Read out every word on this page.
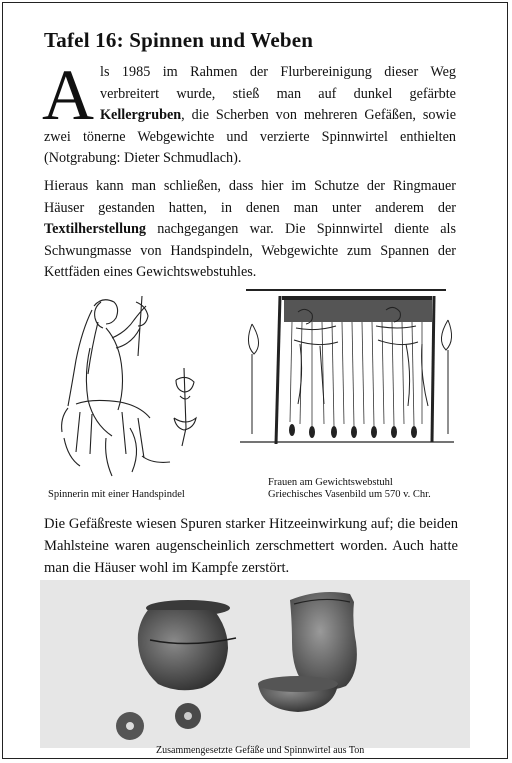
Tafel 16: Spinnen und Weben

Als 1985 im Rahmen der Flurbereinigung dieser Weg verbreitert wurde, stieß man auf dunkel gefärbte Kellergruben, die Scherben von mehreren Gefäßen, sowie zwei tönerne Webgewichte und verzierte Spinnwirtel enthielten (Notgrabung: Dieter Schmudlach).

Hieraus kann man schließen, dass hier im Schutze der Ringmauer Häuser gestanden hatten, in denen man unter anderem der Textilherstellung nachgegangen war. Die Spinnwirtel diente als Schwungmasse von Handspindeln, Webgewichte zum Spannen der Kettfäden eines Gewichtswebstuhles.

Spinnerin mit einer Handspindel
Frauen am Gewichtswebstuhl
Griechisches Vasenbild um 570 v. Chr.

Die Gefäßreste wiesen Spuren starker Hitzeeinwirkung auf; die beiden Mahlsteine waren augenscheinlich zerschmettert worden. Auch hatte man die Häuser wohl im Kampfe zerstört.

Zusammengesetzte Gefäße und Spinnwirtel aus Ton
